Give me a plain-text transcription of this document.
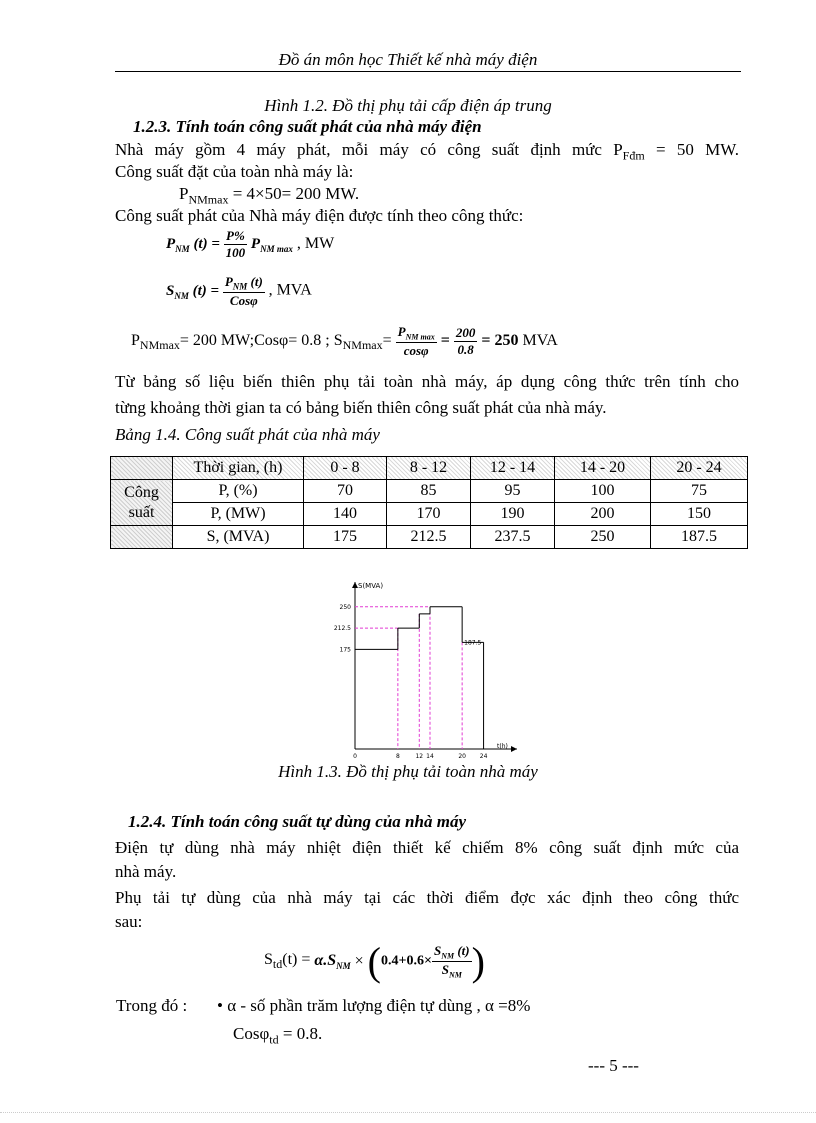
Đồ án môn học Thiết kế nhà máy điện
Hình 1.2. Đồ thị phụ tải cấp điện áp trung
1.2.3. Tính toán công suất phát của nhà máy điện
Nhà máy gồm 4 máy phát, mỗi máy có công suất định mức $P_{Fđm} = 50$ MW.
Công suất đặt của toàn nhà máy là:
$P_{NMmax} = 4\times 50= 200$ MW.
Công suất phát của Nhà máy điện được tính theo công thức:
$P_{NM}$ $(t) = \frac{P\%}{100} P_{NM max}$ , MW
$S_{NM}$ $(t) = \frac{P_{NM} (t)}{\text{Cosφ}}$ , MVA
$P_{NMmax}= 200$ MW;Cosφ= 0.8 ; $S_{NMmax}= \frac{P_{NM max}}{\cos\varphi} = \frac{200}{0.8} = 250$ MVA
Từ bảng số liệu biến thiên phụ tải toàn nhà máy, áp dụng công thức trên tính cho
từng khoảng thời gian ta có bảng biến thiên công suất phát của nhà máy.
Bảng 1.4. Công suất phát của nhà máy
	Thời gian, (h)	0 - 8	8 - 12	12 - 14	14 - 20	20 - 24
Công suất	P, (%)	70	85	95	100	75
	P, (MW)	140	170	190	200	150
	S, (MVA)	175	212.5	237.5	250	187.5
S(MVA)
t(h)
187.5
250
212.5
175
0	8	12 14	20 24
Hình 1.3. Đồ thị phụ tải toàn nhà máy
1.2.4. Tính toán công suất tự dùng của nhà máy
Điện tự dùng nhà máy nhiệt điện thiết kế chiếm 8% công suất định mức của
nhà máy.
Phụ tải tự dùng của nhà máy tại các thời điểm đợc xác định theo công thức
sau:
$S_{td}(t) = \alpha.S_{NM} \times (0.4+0.6\times \frac{S_{NM} (t)}{S_{NM}}$ )
Trong đó : • α - số phần trăm lượng điện tự dùng , α =8%
Cosφ$_{td}$ = 0.8.
--- 5 ---
